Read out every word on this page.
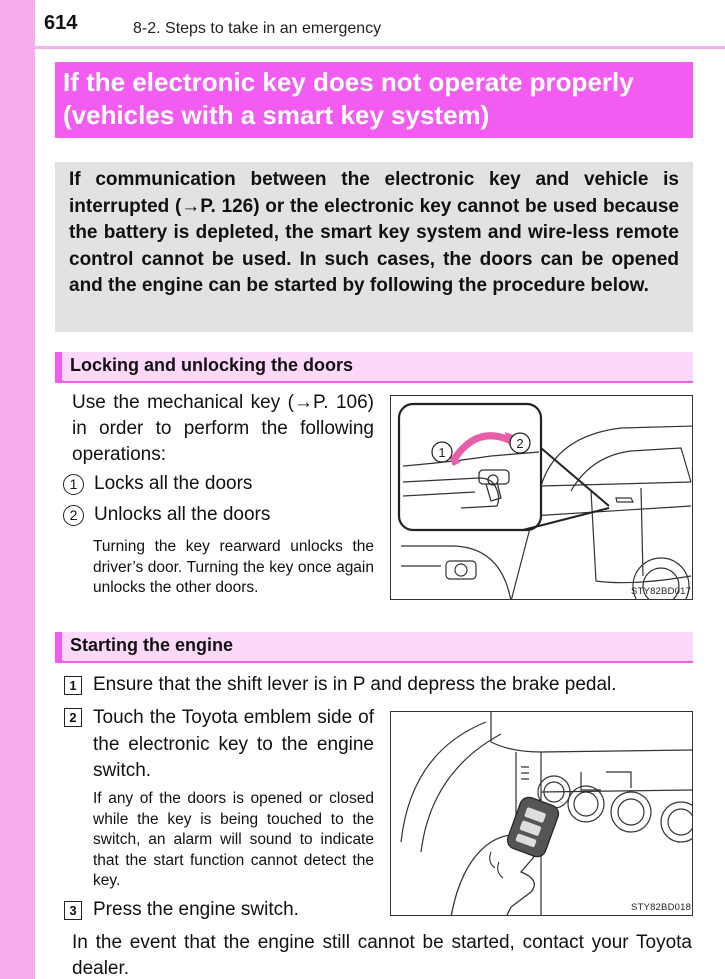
614	8-2. Steps to take in an emergency
If the electronic key does not operate properly (vehicles with a smart key system)
If communication between the electronic key and vehicle is interrupted (→P. 126) or the electronic key cannot be used because the battery is depleted, the smart key system and wire-less remote control cannot be used. In such cases, the doors can be opened and the engine can be started by following the procedure below.
Locking and unlocking the doors
Use the mechanical key (→P. 106) in order to perform the following operations:
1 Locks all the doors
2 Unlocks all the doors
Turning the key rearward unlocks the driver’s door. Turning the key once again unlocks the other doors.
1
2
STY82BD017
Starting the engine
1 Ensure that the shift lever is in P and depress the brake pedal.
2 Touch the Toyota emblem side of the electronic key to the engine switch.
If any of the doors is opened or closed while the key is being touched to the switch, an alarm will sound to indicate that the start function cannot detect the key.
3 Press the engine switch.	STY82BD018
In the event that the engine still cannot be started, contact your Toyota dealer.
